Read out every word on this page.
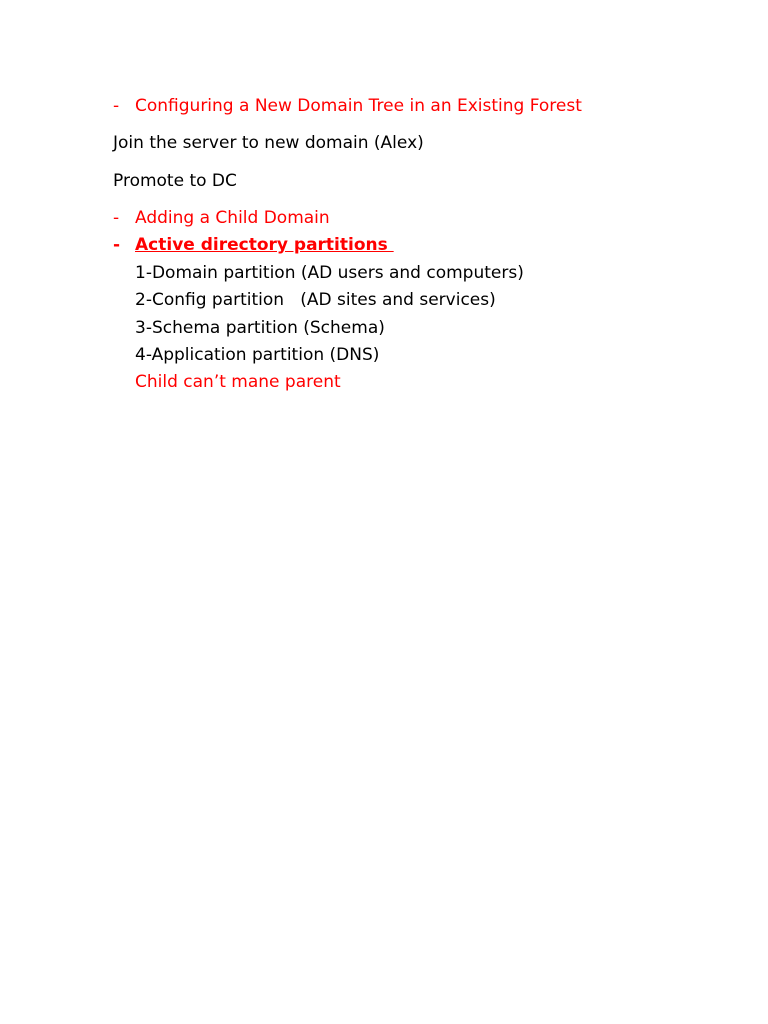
- Configuring a New Domain Tree in an Existing Forest
Join the server to new domain (Alex)
Promote to DC
- Adding a Child Domain
- Active directory partitions
1-Domain partition (AD users and computers)
2-Config partition   (AD sites and services)
3-Schema partition (Schema)
4-Application partition (DNS)
Child can’t mane parent
